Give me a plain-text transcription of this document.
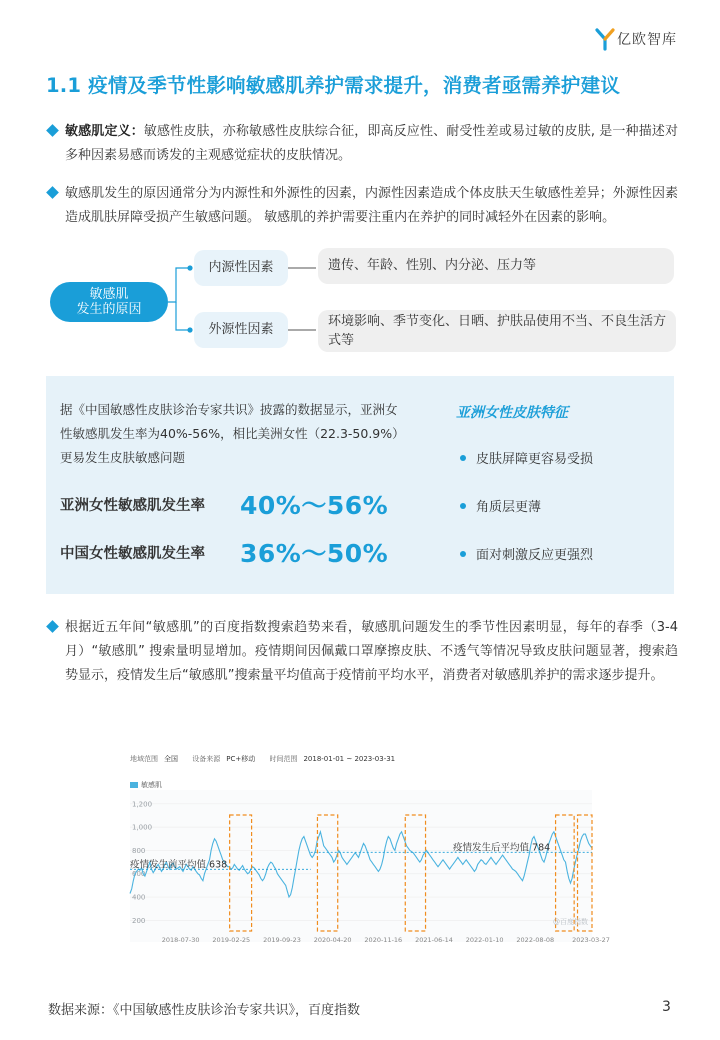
亿欧智库
1.1 疫情及季节性影响敏感肌养护需求提升，消费者亟需养护建议
敏感肌定义：敏感性皮肤，亦称敏感性皮肤综合征，即高反应性、耐受性差或易过敏的皮肤, 是一种描述对多种因素易感而诱发的主观感觉症状的皮肤情况。
敏感肌发生的原因通常分为内源性和外源性的因素，内源性因素造成个体皮肤天生敏感性差异；外源性因素造成肌肤屏障受损产生敏感问题。 敏感肌的养护需要注重内在养护的同时减轻外在因素的影响。
敏感肌
发生的原因
内源性因素	遗传、年龄、性别、内分泌、压力等
外源性因素
环境影响、季节变化、日晒、护肤品使用不当、不良生活方式等
据《中国敏感性皮肤诊治专家共识》披露的数据显示，亚洲女性敏感肌发生率为40%-56%，相比美洲女性（22.3-50.9%）更易发生皮肤敏感问题
亚洲女性敏感肌发生率 40%～56%
中国女性敏感肌发生率 36%～50%
亚洲女性皮肤特征
皮肤屏障更容易受损
角质层更薄
面对刺激反应更强烈
根据近五年间“敏感肌”的百度指数搜索趋势来看，敏感肌问题发生的季节性因素明显，每年的春季（3-4月）“敏感肌” 搜索量明显增加。疫情期间因佩戴口罩摩擦皮肤、不透气等情况导致皮肤问题显著，搜索趋势显示，疫情发生后“敏感肌”搜索量平均值高于疫情前平均水平，消费者对敏感肌养护的需求逐步提升。
200
400
600
800
1,000
1,200
疫情发生前平均值 638
疫情发生后平均值 784
@百度指数
2018-07-30 2019-02-25 2019-09-23 2020-04-20 2020-11-16 2021-06-14 2022-01-10 2022-08-08	2023-03-27
地域范围 全国 设备来源 PC+移动 时间范围 2018-01-01 ~ 2023-03-31
敏感肌
数据来源：《中国敏感性皮肤诊治专家共识》，百度指数	3
